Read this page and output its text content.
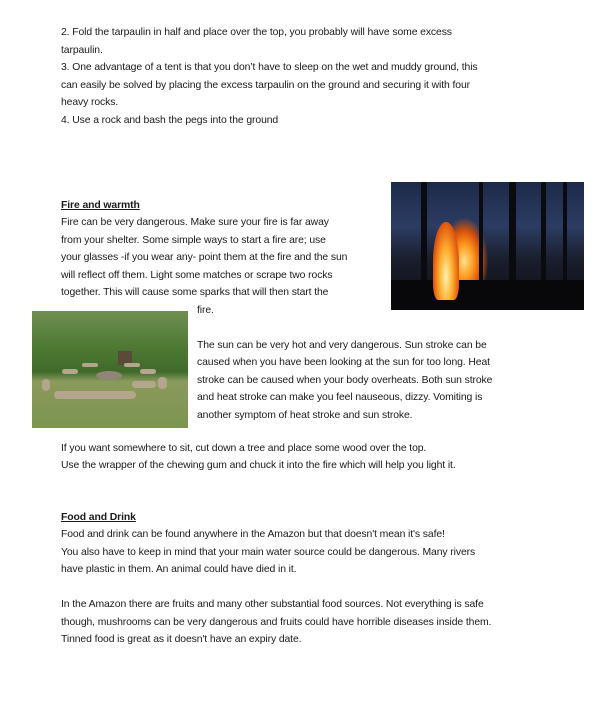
2. Fold the tarpaulin in half and place over the top, you probably will have some excess
tarpaulin.
3. One advantage of a tent is that you don’t have to sleep on the wet and muddy ground, this
can easily be solved by placing the excess tarpaulin on the ground and securing it with four
heavy rocks.
4. Use a rock and bash the pegs into the ground
Fire and warmth
Fire can be very dangerous. Make sure your fire is far away
from your shelter. Some simple ways to start a fire are; use
your glasses -if you wear any- point them at the fire and the sun
will reflect off them. Light some matches or scrape two rocks
together. This will cause some sparks that will then start the
fire.
The sun can be very hot and very dangerous. Sun stroke can be
caused when you have been looking at the sun for too long. Heat
stroke can be caused when your body overheats. Both sun stroke
and heat stroke can make you feel nauseous, dizzy. Vomiting is
another symptom of heat stroke and sun stroke.
If you want somewhere to sit, cut down a tree and place some wood over the top.
Use the wrapper of the chewing gum and chuck it into the fire which will help you light it.
Food and Drink
Food and drink can be found anywhere in the Amazon but that doesn't mean it's safe!
You also have to keep in mind that your main water source could be dangerous. Many rivers
have plastic in them. An animal could have died in it.
In the Amazon there are fruits and many other substantial food sources. Not everything is safe
though, mushrooms can be very dangerous and fruits could have horrible diseases inside them.
Tinned food is great as it doesn't have an expiry date.
